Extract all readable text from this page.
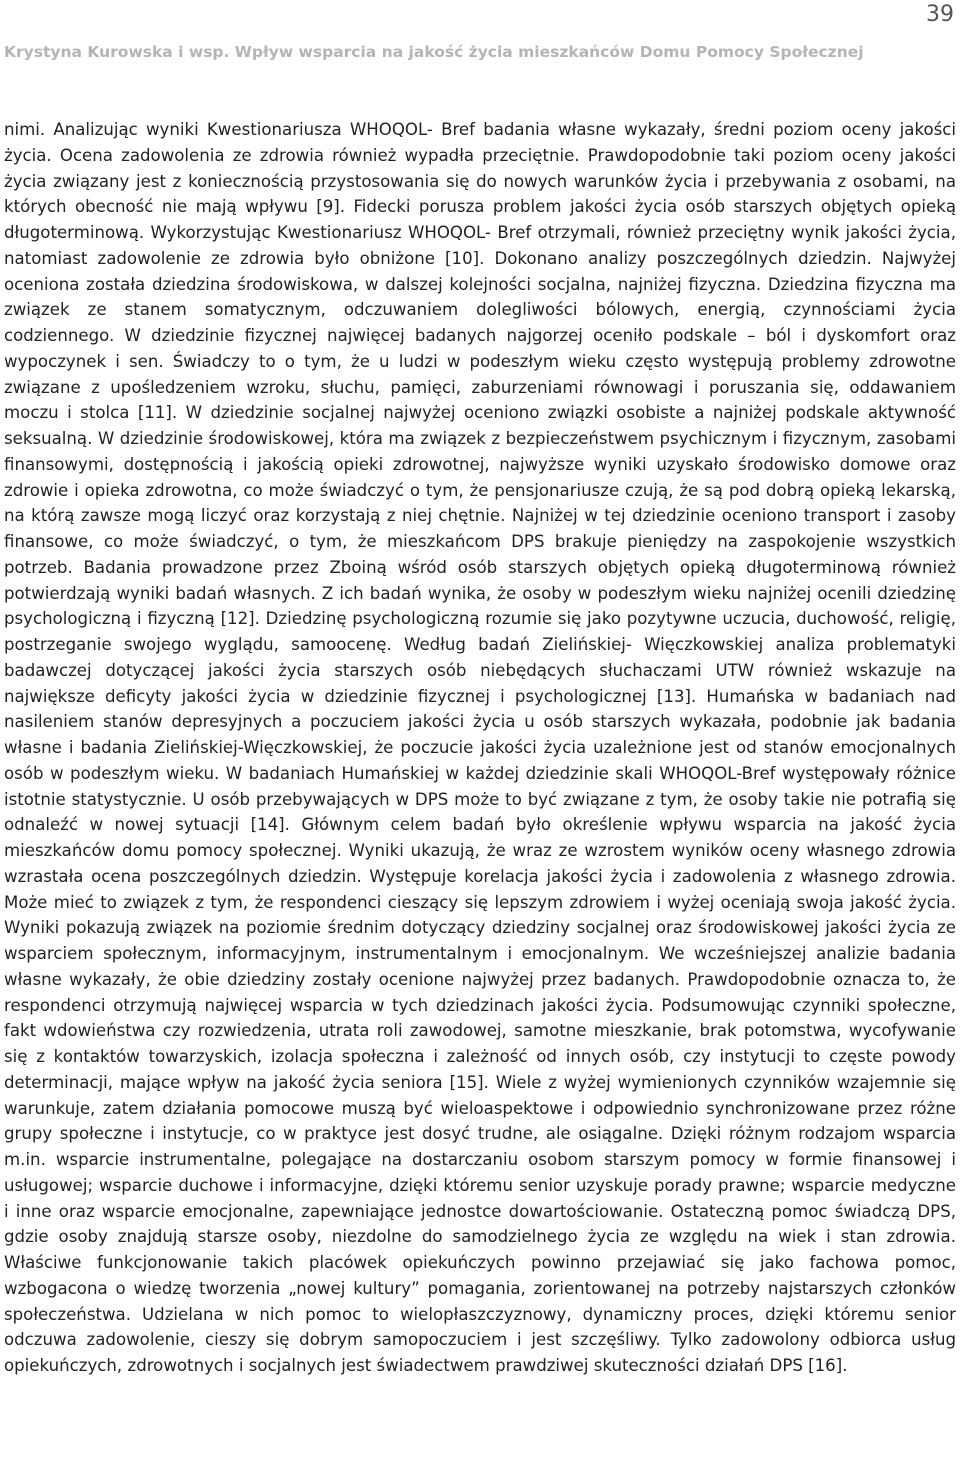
39
Krystyna Kurowska i wsp. Wpływ wsparcia na jakość życia mieszkańców Domu Pomocy Społecznej

nimi. Analizując wyniki Kwestionariusza WHOQOL- Bref badania własne wykazały, średni poziom oceny jakości życia. Ocena zadowolenia ze zdrowia również wypadła przeciętnie. Prawdopodobnie taki poziom oceny jakości życia związany jest z koniecznością przystosowania się do nowych warunków życia i przebywania z osobami, na których obecność nie mają wpływu [9]. Fidecki porusza problem jakości życia osób starszych objętych opieką długoterminową. Wykorzystując Kwestionariusz WHOQOL- Bref otrzymali, również przeciętny wynik jakości życia, natomiast zadowolenie ze zdrowia było obniżone [10]. Dokonano analizy poszczególnych dziedzin. Najwyżej oceniona została dziedzina środowiskowa, w dalszej kolejności socjalna, najniżej fizyczna. Dziedzina fizyczna ma związek ze stanem somatycznym, odczuwaniem dolegliwości bólowych, energią, czynnościami życia codziennego. W dziedzinie fizycznej najwięcej badanych najgorzej oceniło podskale – ból i dyskomfort oraz wypoczynek i sen. Świadczy to o tym, że u ludzi w podeszłym wieku często występują problemy zdrowotne związane z upośledzeniem wzroku, słuchu, pamięci, zaburzeniami równowagi i poruszania się, oddawaniem moczu i stolca [11]. W dziedzinie socjalnej najwyżej oceniono związki osobiste a najniżej podskale aktywność seksualną. W dziedzinie środowiskowej, która ma związek z bezpieczeństwem psychicznym i fizycznym, zasobami finansowymi, dostępnością i jakością opieki zdrowotnej, najwyższe wyniki uzyskało środowisko domowe oraz zdrowie i opieka zdrowotna, co może świadczyć o tym, że pensjonariusze czują, że są pod dobrą opieką lekarską, na którą zawsze mogą liczyć oraz korzystają z niej chętnie. Najniżej w tej dziedzinie oceniono transport i zasoby finansowe, co może świadczyć, o tym, że mieszkańcom DPS brakuje pieniędzy na zaspokojenie wszystkich potrzeb. Badania prowadzone przez Zboiną wśród osób starszych objętych opieką długoterminową również potwierdzają wyniki badań własnych. Z ich badań wynika, że osoby w podeszłym wieku najniżej ocenili dziedzinę psychologiczną i fizyczną [12]. Dziedzinę psychologiczną rozumie się jako pozytywne uczucia, duchowość, religię, postrzeganie swojego wyglądu, samoocenę. Według badań Zielińskiej- Więczkowskiej analiza problematyki badawczej dotyczącej jakości życia starszych osób niebędących słuchaczami UTW również wskazuje na największe deficyty jakości życia w dziedzinie fizycznej i psychologicznej [13]. Humańska w badaniach nad nasileniem stanów depresyjnych a poczuciem jakości życia u osób starszych wykazała, podobnie jak badania własne i badania Zielińskiej-Więczkowskiej, że poczucie jakości życia uzależnione jest od stanów emocjonalnych osób w podeszłym wieku. W badaniach Humańskiej w każdej dziedzinie skali WHOQOL-Bref występowały różnice istotnie statystycznie. U osób przebywających w DPS może to być związane z tym, że osoby takie nie potrafią się odnaleźć w nowej sytuacji [14]. Głównym celem badań było określenie wpływu wsparcia na jakość życia mieszkańców domu pomocy społecznej. Wyniki ukazują, że wraz ze wzrostem wyników oceny własnego zdrowia wzrastała ocena poszczególnych dziedzin. Występuje korelacja jakości życia i zadowolenia z własnego zdrowia. Może mieć to związek z tym, że respondenci cieszący się lepszym zdrowiem i wyżej oceniają swoja jakość życia. Wyniki pokazują związek na poziomie średnim dotyczący dziedziny socjalnej oraz środowiskowej jakości życia ze wsparciem społecznym, informacyjnym, instrumentalnym i emocjonalnym. We wcześniejszej analizie badania własne wykazały, że obie dziedziny zostały ocenione najwyżej przez badanych. Prawdopodobnie oznacza to, że respondenci otrzymują najwięcej wsparcia w tych dziedzinach jakości życia. Podsumowując czynniki społeczne, fakt wdowieństwa czy rozwiedzenia, utrata roli zawodowej, samotne mieszkanie, brak potomstwa, wycofywanie się z kontaktów towarzyskich, izolacja społeczna i zależność od innych osób, czy instytucji to częste powody determinacji, mające wpływ na jakość życia seniora [15]. Wiele z wyżej wymienionych czynników wzajemnie się warunkuje, zatem działania pomocowe muszą być wieloaspektowe i odpowiednio synchronizowane przez różne grupy społeczne i instytucje, co w praktyce jest dosyć trudne, ale osiągalne. Dzięki różnym rodzajom wsparcia m.in. wsparcie instrumentalne, polegające na dostarczaniu osobom starszym pomocy w formie finansowej i usługowej; wsparcie duchowe i informacyjne, dzięki któremu senior uzyskuje porady prawne; wsparcie medyczne i inne oraz wsparcie emocjonalne, zapewniające jednostce dowartościowanie. Ostateczną pomoc świadczą DPS, gdzie osoby znajdują starsze osoby, niezdolne do samodzielnego życia ze względu na wiek i stan zdrowia. Właściwe funkcjonowanie takich placówek opiekuńczych powinno przejawiać się jako fachowa pomoc, wzbogacona o wiedzę tworzenia „nowej kultury” pomagania, zorientowanej na potrzeby najstarszych członków społeczeństwa. Udzielana w nich pomoc to wielopłaszczyznowy, dynamiczny proces, dzięki któremu senior odczuwa zadowolenie, cieszy się dobrym samopoczuciem i jest szczęśliwy. Tylko zadowolony odbiorca usług opiekuńczych, zdrowotnych i socjalnych jest świadectwem prawdziwej skuteczności działań DPS [16].
